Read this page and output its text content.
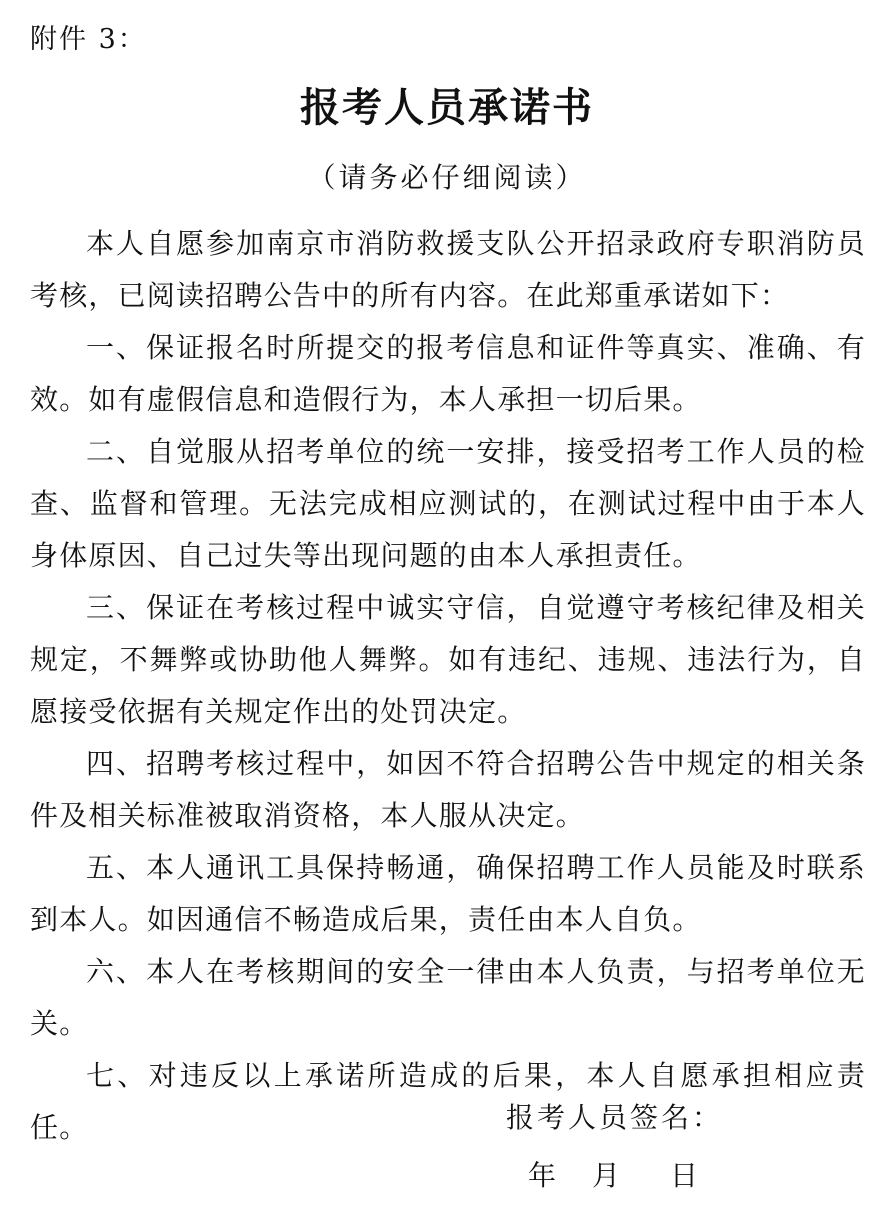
附件 3：
报考人员承诺书
（请务必仔细阅读）

本人自愿参加南京市消防救援支队公开招录政府专职消防员考核，已阅读招聘公告中的所有内容。在此郑重承诺如下：

一、保证报名时所提交的报考信息和证件等真实、准确、有效。如有虚假信息和造假行为，本人承担一切后果。

二、自觉服从招考单位的统一安排，接受招考工作人员的检查、监督和管理。无法完成相应测试的，在测试过程中由于本人身体原因、自己过失等出现问题的由本人承担责任。

三、保证在考核过程中诚实守信，自觉遵守考核纪律及相关规定，不舞弊或协助他人舞弊。如有违纪、违规、违法行为，自愿接受依据有关规定作出的处罚决定。

四、招聘考核过程中，如因不符合招聘公告中规定的相关条件及相关标准被取消资格，本人服从决定。

五、本人通讯工具保持畅通，确保招聘工作人员能及时联系到本人。如因通信不畅造成后果，责任由本人自负。

六、本人在考核期间的安全一律由本人负责，与招考单位无关。

七、对违反以上承诺所造成的后果，本人自愿承担相应责任。	报考人员签名：
年 月 日
